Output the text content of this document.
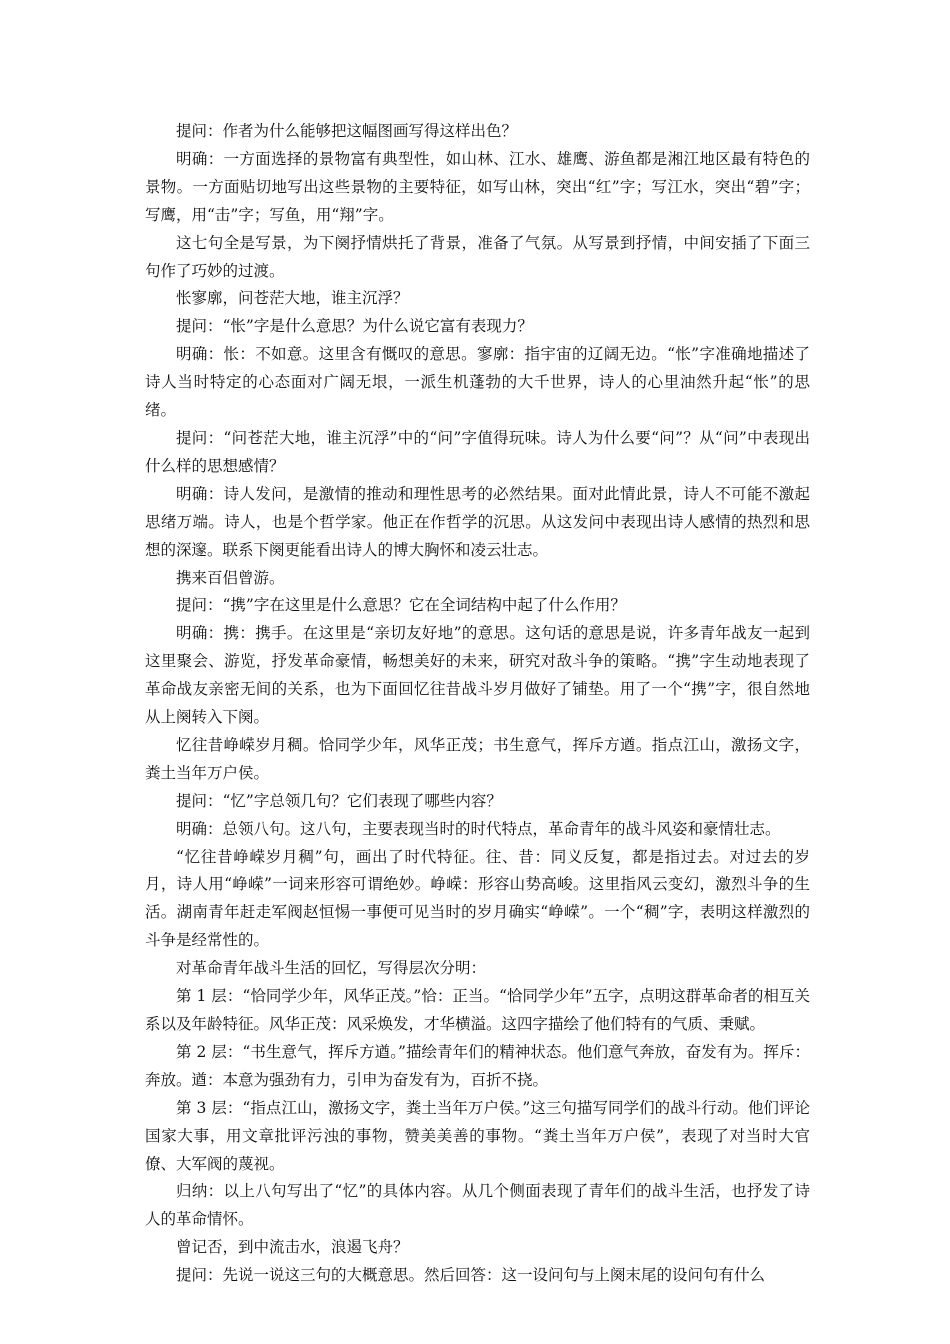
提问：作者为什么能够把这幅图画写得这样出色？

明确：一方面选择的景物富有典型性，如山林、江水、雄鹰、游鱼都是湘江地区最有特色的景物。一方面贴切地写出这些景物的主要特征，如写山林，突出“红”字；写江水，突出“碧”字；写鹰，用“击”字；写鱼，用“翔”字。

这七句全是写景，为下阕抒情烘托了背景，准备了气氛。从写景到抒情，中间安插了下面三句作了巧妙的过渡。

怅寥廓，问苍茫大地，谁主沉浮？

提问：“怅”字是什么意思？为什么说它富有表现力？

明确：怅：不如意。这里含有慨叹的意思。寥廓：指宇宙的辽阔无边。“怅”字准确地描述了诗人当时特定的心态面对广阔无垠，一派生机蓬勃的大千世界，诗人的心里油然升起“怅”的思绪。

提问：“问苍茫大地，谁主沉浮”中的“问”字值得玩味。诗人为什么要“问”？从“问”中表现出什么样的思想感情？

明确：诗人发问，是激情的推动和理性思考的必然结果。面对此情此景，诗人不可能不激起思绪万端。诗人，也是个哲学家。他正在作哲学的沉思。从这发问中表现出诗人感情的热烈和思想的深邃。联系下阕更能看出诗人的博大胸怀和凌云壮志。

携来百侣曾游。

提问：“携”字在这里是什么意思？它在全词结构中起了什么作用？

明确：携：携手。在这里是“亲切友好地”的意思。这句话的意思是说，许多青年战友一起到这里聚会、游览，抒发革命豪情，畅想美好的未来，研究对敌斗争的策略。“携”字生动地表现了革命战友亲密无间的关系，也为下面回忆往昔战斗岁月做好了铺垫。用了一个“携”字，很自然地从上阕转入下阕。

忆往昔峥嵘岁月稠。恰同学少年，风华正茂；书生意气，挥斥方遒。指点江山，激扬文字，粪土当年万户侯。

提问：“忆”字总领几句？它们表现了哪些内容？

明确：总领八句。这八句，主要表现当时的时代特点，革命青年的战斗风姿和豪情壮志。

“忆往昔峥嵘岁月稠”句，画出了时代特征。往、昔：同义反复，都是指过去。对过去的岁月，诗人用“峥嵘”一词来形容可谓绝妙。峥嵘：形容山势高峻。这里指风云变幻，激烈斗争的生活。湖南青年赶走军阀赵恒惕一事便可见当时的岁月确实“峥嵘”。一个“稠”字，表明这样激烈的斗争是经常性的。

对革命青年战斗生活的回忆，写得层次分明：

第 1 层：“恰同学少年，风华正茂。”恰：正当。“恰同学少年”五字，点明这群革命者的相互关系以及年龄特征。风华正茂：风采焕发，才华横溢。这四字描绘了他们特有的气质、秉赋。

第 2 层：“书生意气，挥斥方遒。”描绘青年们的精神状态。他们意气奔放，奋发有为。挥斥：奔放。遒：本意为强劲有力，引申为奋发有为，百折不挠。

第 3 层：“指点江山，激扬文字，粪土当年万户侯。”这三句描写同学们的战斗行动。他们评论国家大事，用文章批评污浊的事物，赞美美善的事物。“粪土当年万户侯”，表现了对当时大官僚、大军阀的蔑视。

归纳：以上八句写出了“忆”的具体内容。从几个侧面表现了青年们的战斗生活，也抒发了诗人的革命情怀。

曾记否，到中流击水，浪遏飞舟？

提问：先说一说这三句的大概意思。然后回答：这一设问句与上阕末尾的设问句有什么
